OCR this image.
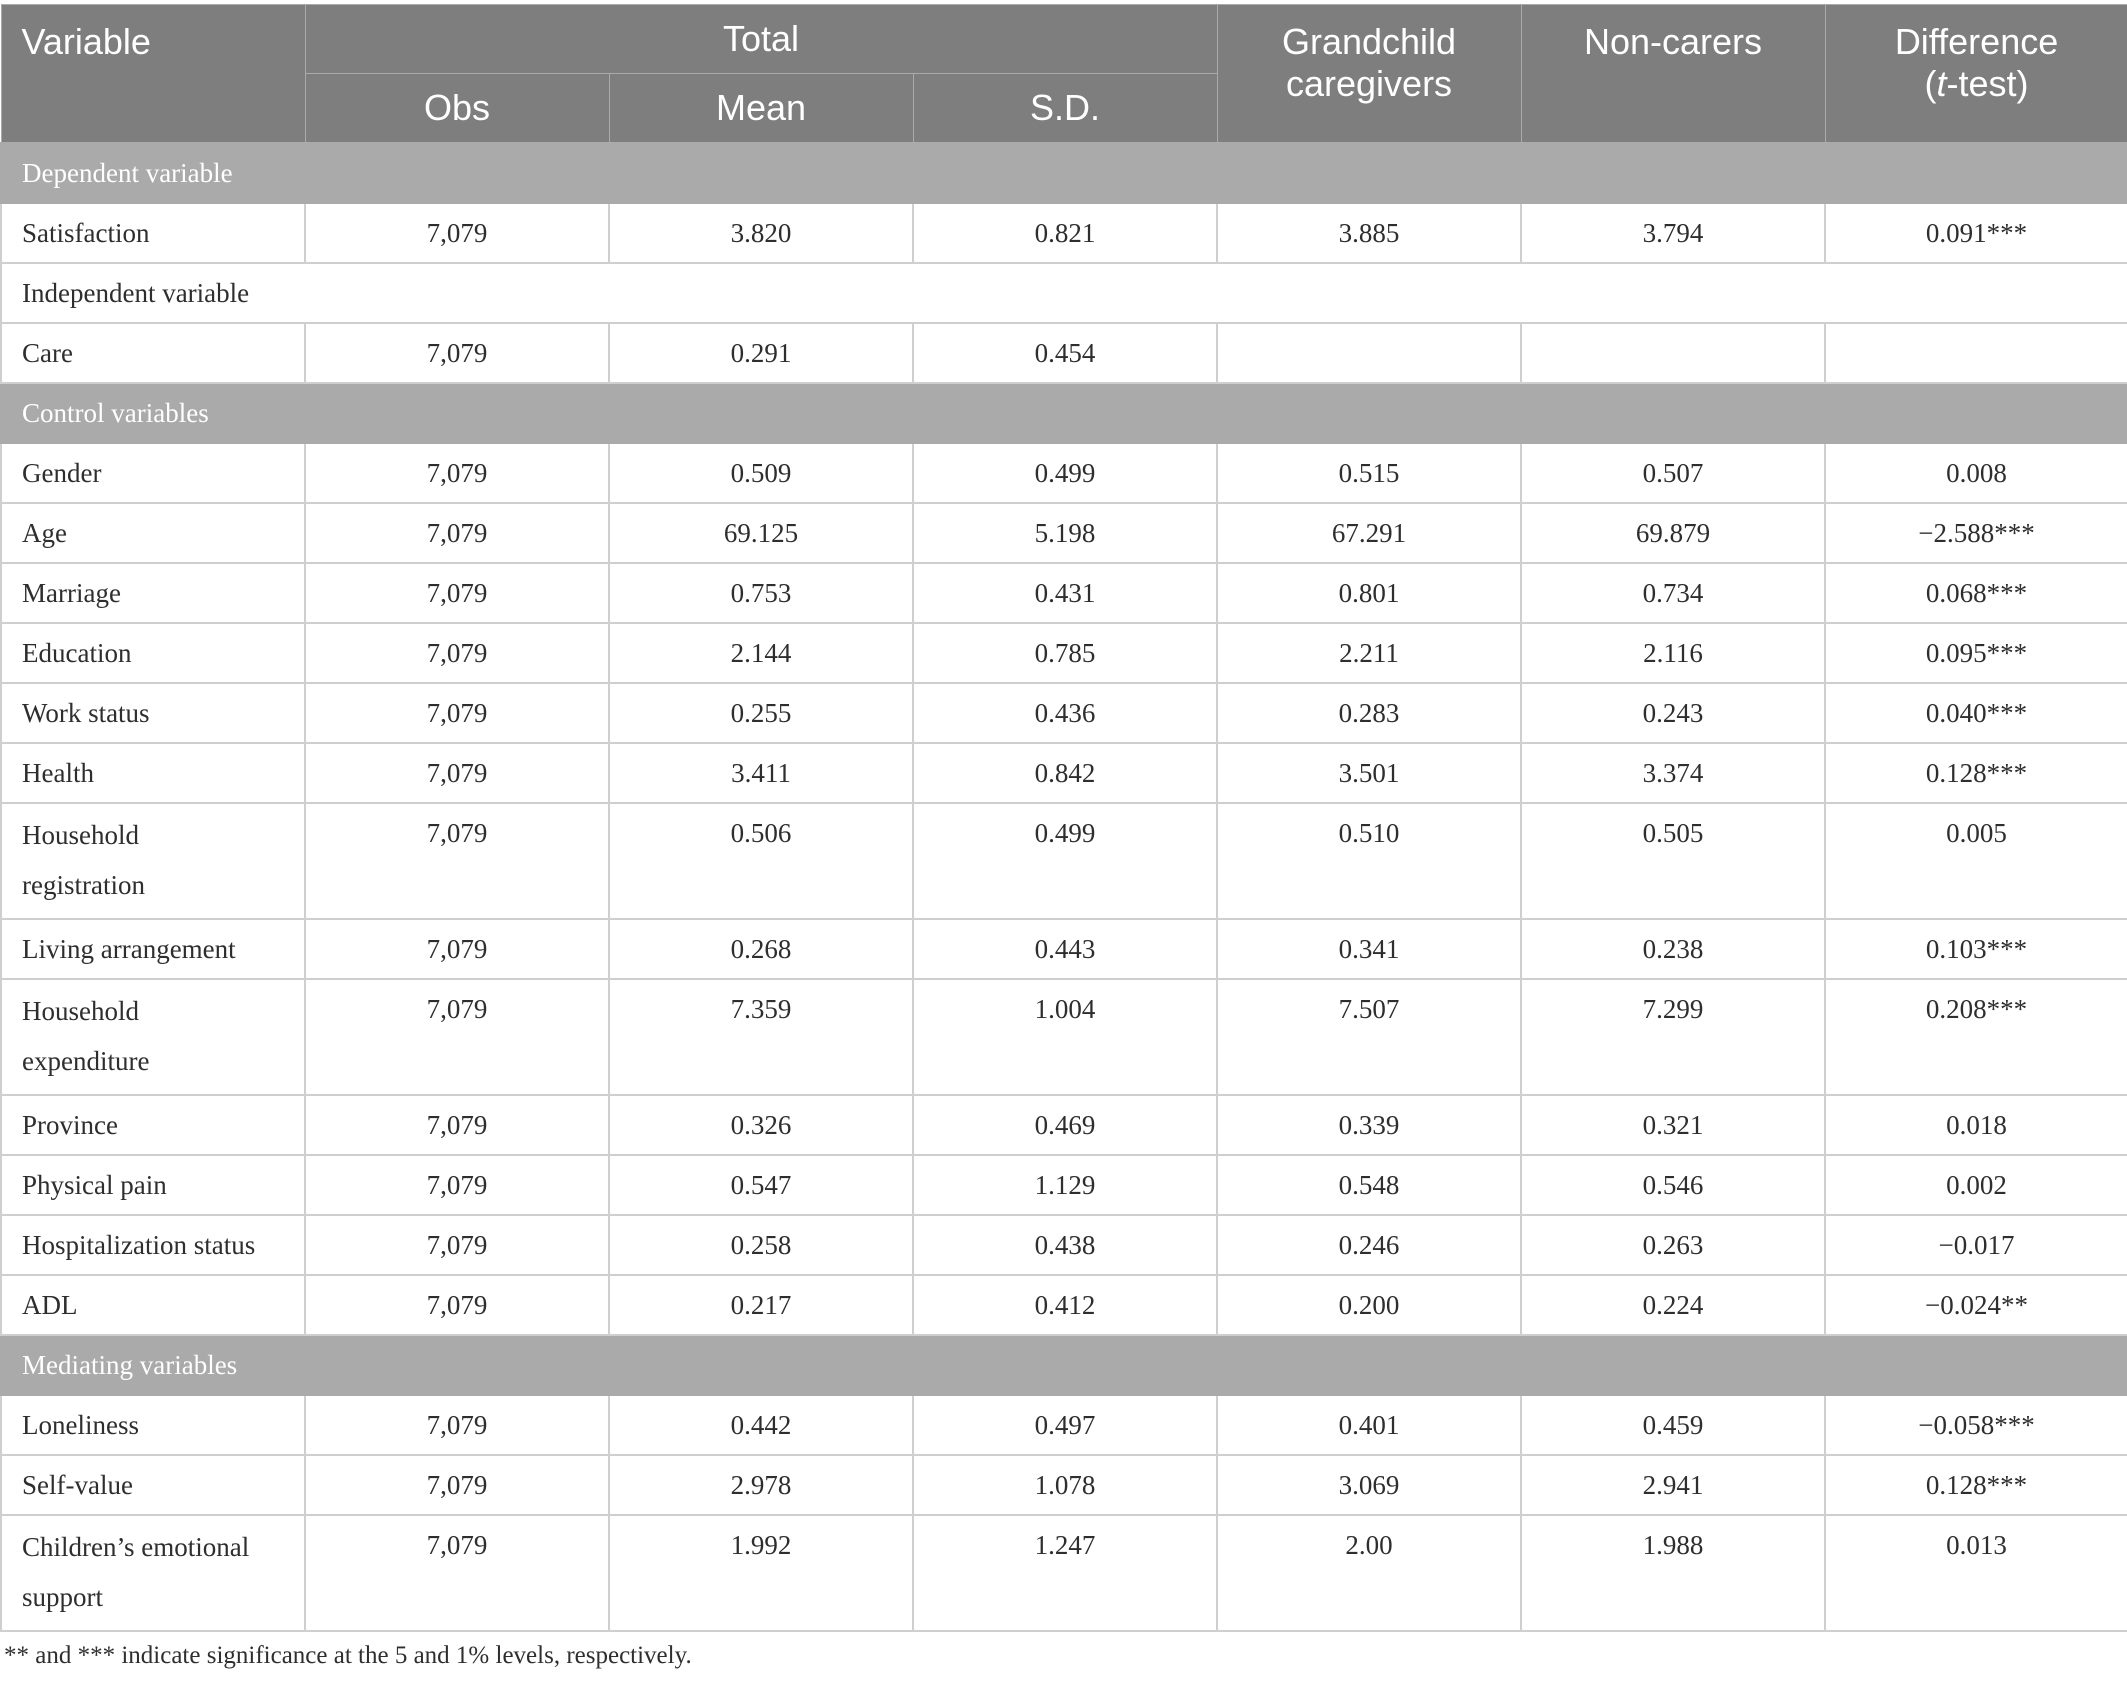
Variable	Total			Grandchild caregivers	Non-carers	Difference
(t-test)
	Obs	Mean	S.D.			
Dependent variable						
Satisfaction	7,079	3.820	0.821	3.885	3.794	0.091***
Independent variable						
Care	7,079	0.291	0.454			
Control variables						
Gender	7,079	0.509	0.499	0.515	0.507	0.008
Age	7,079	69.125	5.198	67.291	69.879	−2.588***
Marriage	7,079	0.753	0.431	0.801	0.734	0.068***
Education	7,079	2.144	0.785	2.211	2.116	0.095***
Work status	7,079	0.255	0.436	0.283	0.243	0.040***
Health	7,079	3.411	0.842	3.501	3.374	0.128***
Household registration	7,079	0.506	0.499	0.510	0.505	0.005
Living arrangement	7,079	0.268	0.443	0.341	0.238	0.103***
Household expenditure	7,079	7.359	1.004	7.507	7.299	0.208***
Province	7,079	0.326	0.469	0.339	0.321	0.018
Physical pain	7,079	0.547	1.129	0.548	0.546	0.002
Hospitalization status	7,079	0.258	0.438	0.246	0.263	−0.017
ADL	7,079	0.217	0.412	0.200	0.224	−0.024**
Mediating variables						
Loneliness	7,079	0.442	0.497	0.401	0.459	−0.058***
Self-value	7,079	2.978	1.078	3.069	2.941	0.128***
Children’s emotional support	7,079	1.992	1.247	2.00	1.988	0.013
** and *** indicate significance at the 5 and 1% levels, respectively.
